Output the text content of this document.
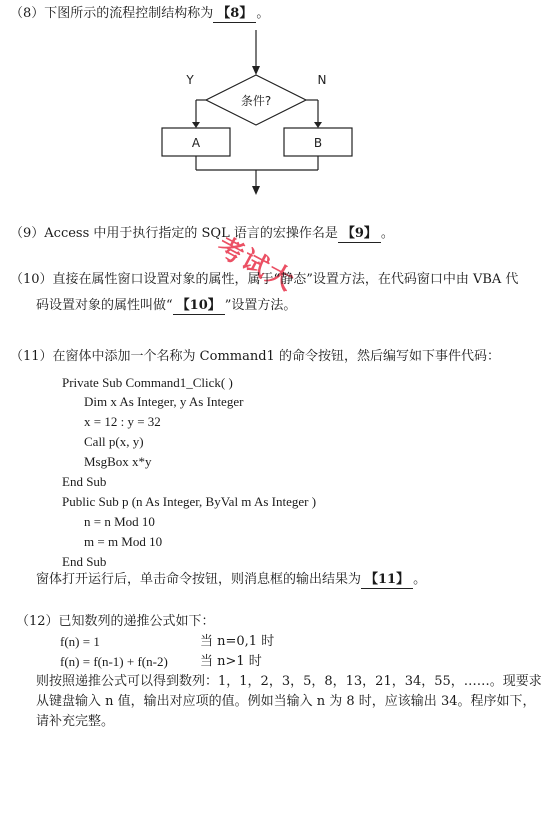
（8）下图所示的流程控制结构称为 【8】 。
条件?
Y	N
A	B
（9）Access 中用于执行指定的 SQL 语言的宏操作名是 【9】 。
考试大
（10）直接在属性窗口设置对象的属性，属于“静态”设置方法，在代码窗口中由 VBA 代
码设置对象的属性叫做“ 【10】 ”设置方法。
（11）在窗体中添加一个名称为 Command1 的命令按钮，然后编写如下事件代码：
Private Sub Command1_Click( )
Dim x As Integer, y As Integer
x = 12 : y = 32
Call p(x, y)
MsgBox x*y
End Sub
Public Sub p (n As Integer, ByVal m As Integer )
n = n Mod 10
m = m Mod 10
End Sub
窗体打开运行后，单击命令按钮，则消息框的输出结果为 【11】 。
（12）已知数列的递推公式如下：
f(n) = 1	当 n=0,1 时
f(n) = f(n-1) + f(n-2) 当 n>1 时
则按照递推公式可以得到数列：1，1，2，3，5，8，13，21，34，55，……。现要求
从键盘输入 n 值，输出对应项的值。例如当输入 n 为 8 时，应该输出 34。程序如下，
请补充完整。
